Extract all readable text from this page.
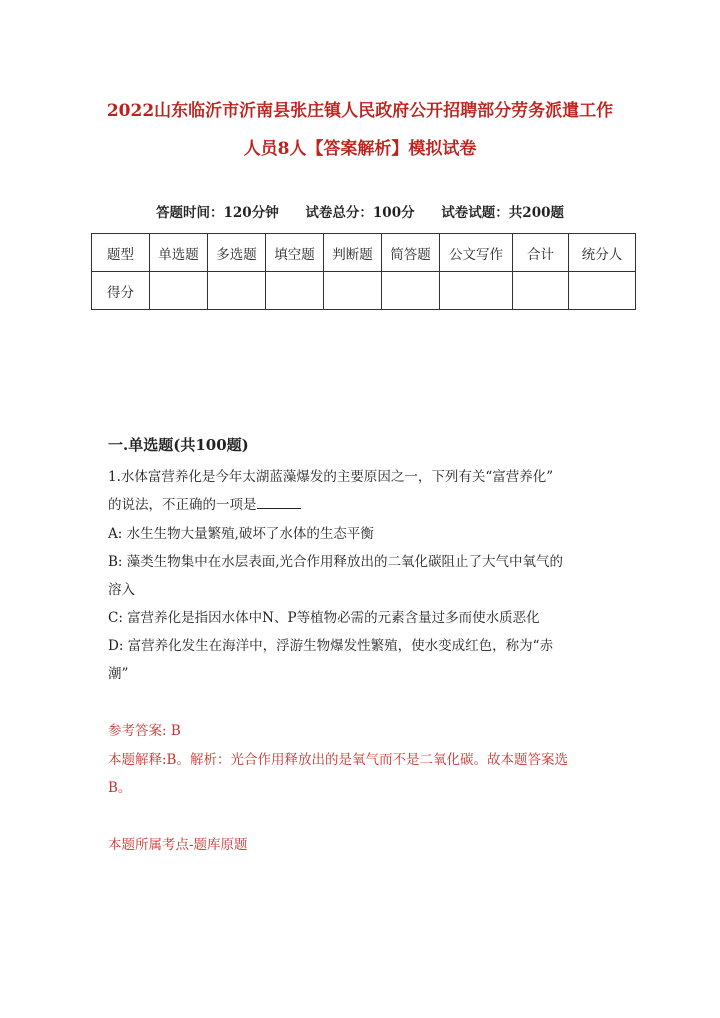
2022山东临沂市沂南县张庄镇人民政府公开招聘部分劳务派遣工作
人员8人【答案解析】模拟试卷
答题时间：120分钟 试卷总分：100分 试卷试题：共200题
题型	单选题	多选题	填空题	判断题	简答题	公文写作	合计	统分人
得分								
一.单选题(共100题)
1.水体富营养化是今年太湖蓝藻爆发的主要原因之一，下列有关“富营养化”
的说法，不正确的一项是
A: 水生生物大量繁殖,破坏了水体的生态平衡
B: 藻类生物集中在水层表面,光合作用释放出的二氧化碳阻止了大气中氧气的
溶入
C: 富营养化是指因水体中N、P等植物必需的元素含量过多而使水质恶化
D: 富营养化发生在海洋中，浮游生物爆发性繁殖，使水变成红色，称为“赤
潮”
参考答案: B
本题解释:B。解析：光合作用释放出的是氧气而不是二氧化碳。故本题答案选
B。
本题所属考点-题库原题
